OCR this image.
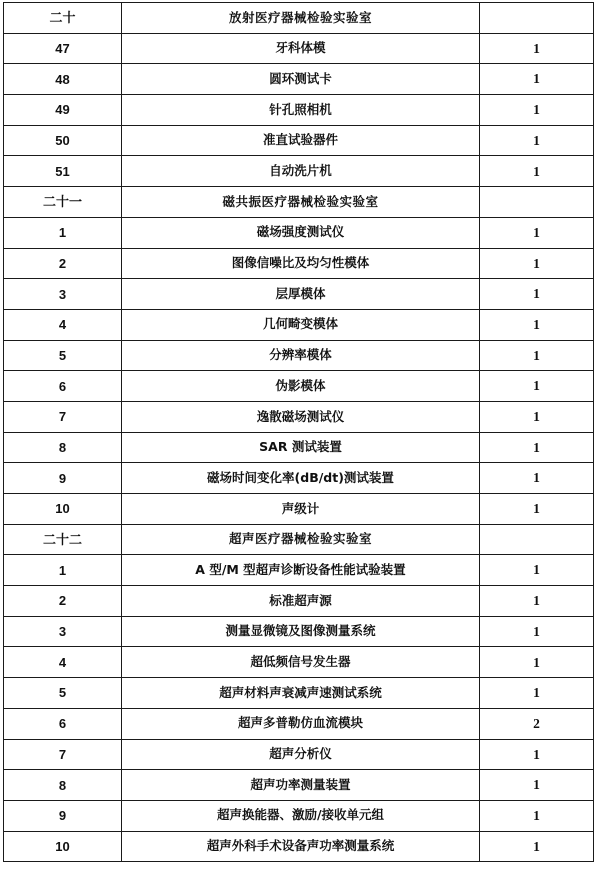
二十	放射医疗器械检验实验室	
47	牙科体模	1
48	圆环测试卡	1
49	针孔照相机	1
50	准直试验器件	1
51	自动洗片机	1
二十一	磁共振医疗器械检验实验室	
1	磁场强度测试仪	1
2	图像信噪比及均匀性模体	1
3	层厚模体	1
4	几何畸变模体	1
5	分辨率模体	1
6	伪影模体	1
7	逸散磁场测试仪	1
8	SAR 测试装置	1
9	磁场时间变化率(dB/dt)测试装置	1
10	声级计	1
二十二	超声医疗器械检验实验室	
1	A 型/M 型超声诊断设备性能试验装置	1
2	标准超声源	1
3	测量显微镜及图像测量系统	1
4	超低频信号发生器	1
5	超声材料声衰减声速测试系统	1
6	超声多普勒仿血流模块	2
7	超声分析仪	1
8	超声功率测量装置	1
9	超声换能器、激励/接收单元组	1
10	超声外科手术设备声功率测量系统	1
